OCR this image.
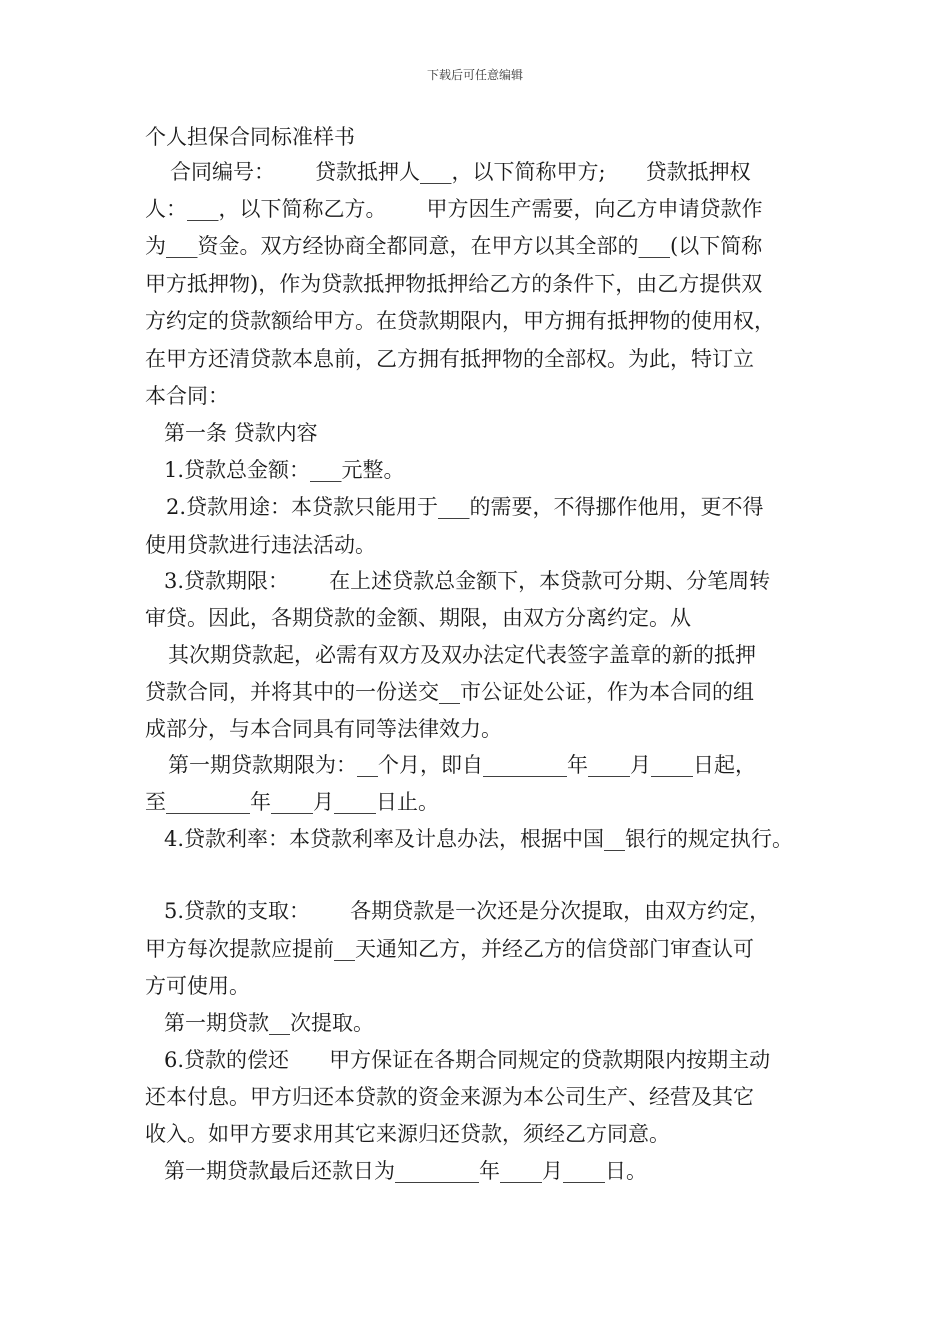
下载后可任意编辑
个人担保合同标准样书
合同编号：      贷款抵押人___，以下简称甲方;      贷款抵押权
人：___，以下简称乙方。      甲方因生产需要，向乙方申请贷款作
为___资金。双方经协商全都同意，在甲方以其全部的___(以下简称
甲方抵押物)，作为贷款抵押物抵押给乙方的条件下，由乙方提供双
方约定的贷款额给甲方。在贷款期限内，甲方拥有抵押物的使用权，
在甲方还清贷款本息前，乙方拥有抵押物的全部权。为此，特订立
本合同：
第一条 贷款内容
1.贷款总金额：___元整。
2.贷款用途：本贷款只能用于___的需要，不得挪作他用，更不得
使用贷款进行违法活动。
3.贷款期限：      在上述贷款总金额下，本贷款可分期、分笔周转
审贷。因此，各期贷款的金额、期限，由双方分离约定。从
其次期贷款起，必需有双方及双办法定代表签字盖章的新的抵押
贷款合同，并将其中的一份送交__市公证处公证，作为本合同的组
成部分，与本合同具有同等法律效力。
第一期贷款期限为：__个月，即自________年____月____日起，
至________年____月____日止。
4.贷款利率：本贷款利率及计息办法，根据中国__银行的规定执行。
5.贷款的支取：      各期贷款是一次还是分次提取，由双方约定，
甲方每次提款应提前__天通知乙方，并经乙方的信贷部门审查认可
方可使用。
第一期贷款__次提取。
6.贷款的偿还      甲方保证在各期合同规定的贷款期限内按期主动
还本付息。甲方归还本贷款的资金来源为本公司生产、经营及其它
收入。如甲方要求用其它来源归还贷款，须经乙方同意。
第一期贷款最后还款日为________年____月____日。
